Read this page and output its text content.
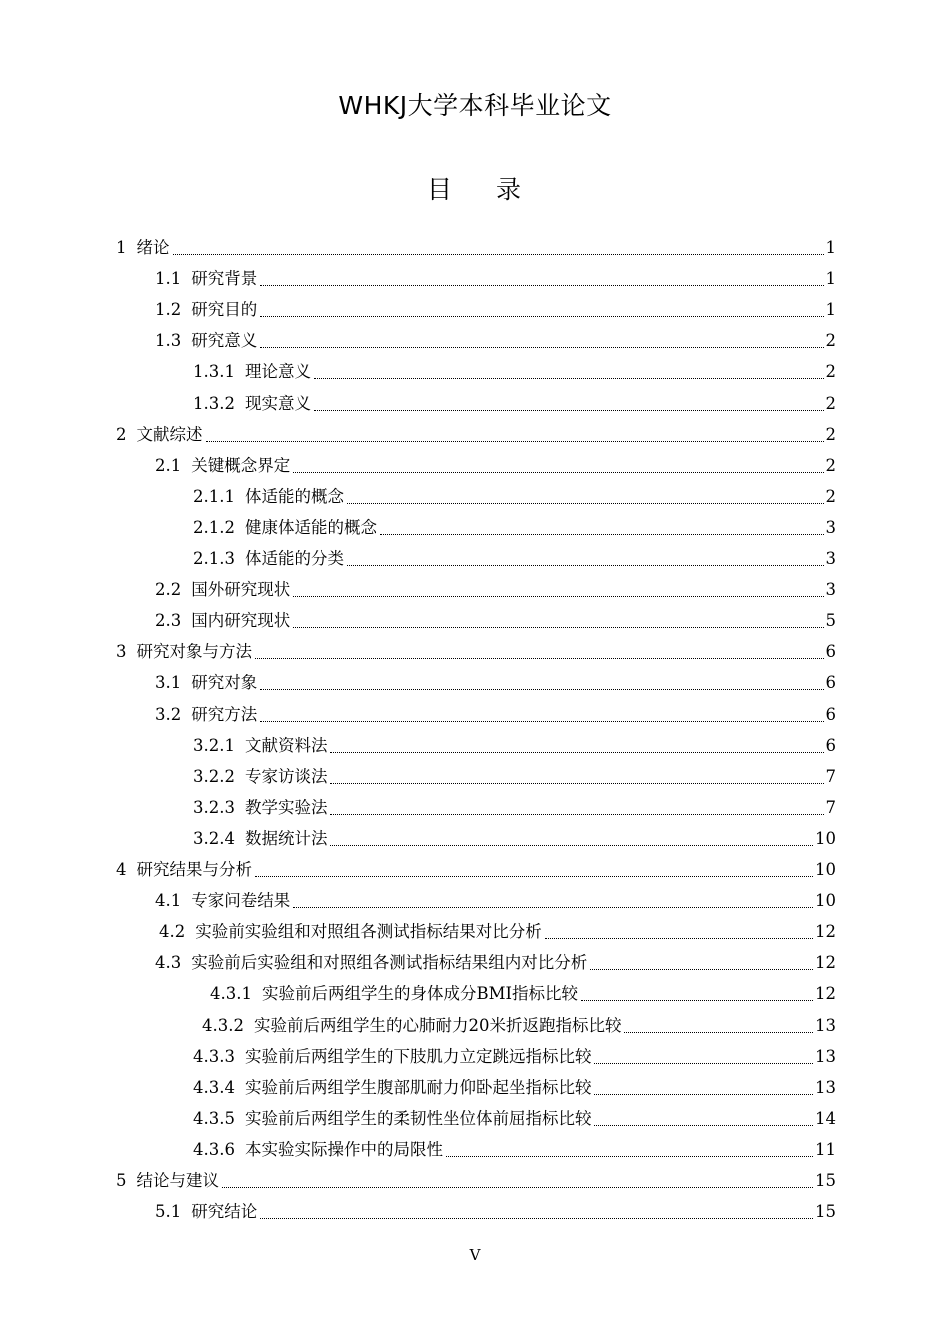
WHKJ大学本科毕业论文
目 录
1 绪论	1
1.1 研究背景	1
1.2 研究目的	1
1.3 研究意义	2
1.3.1 理论意义	2
1.3.2 现实意义	2
2 文献综述	2
2.1 关键概念界定	2
2.1.1 体适能的概念	2
2.1.2 健康体适能的概念	3
2.1.3 体适能的分类	3
2.2 国外研究现状	3
2.3 国内研究现状	5
3 研究对象与方法	6
3.1 研究对象	6
3.2 研究方法	6
3.2.1 文献资料法	6
3.2.2 专家访谈法	7
3.2.3 教学实验法	7
3.2.4 数据统计法	10
4 研究结果与分析	10
4.1 专家问卷结果	10
4.2 实验前实验组和对照组各测试指标结果对比分析	12
4.3 实验前后实验组和对照组各测试指标结果组内对比分析	12
4.3.1 实验前后两组学生的身体成分BMI指标比较	12
4.3.2 实验前后两组学生的心肺耐力20米折返跑指标比较	13
4.3.3 实验前后两组学生的下肢肌力立定跳远指标比较	13
4.3.4 实验前后两组学生腹部肌耐力仰卧起坐指标比较	13
4.3.5 实验前后两组学生的柔韧性坐位体前屈指标比较	14
4.3.6 本实验实际操作中的局限性	11
5 结论与建议	15
5.1 研究结论	15
V
